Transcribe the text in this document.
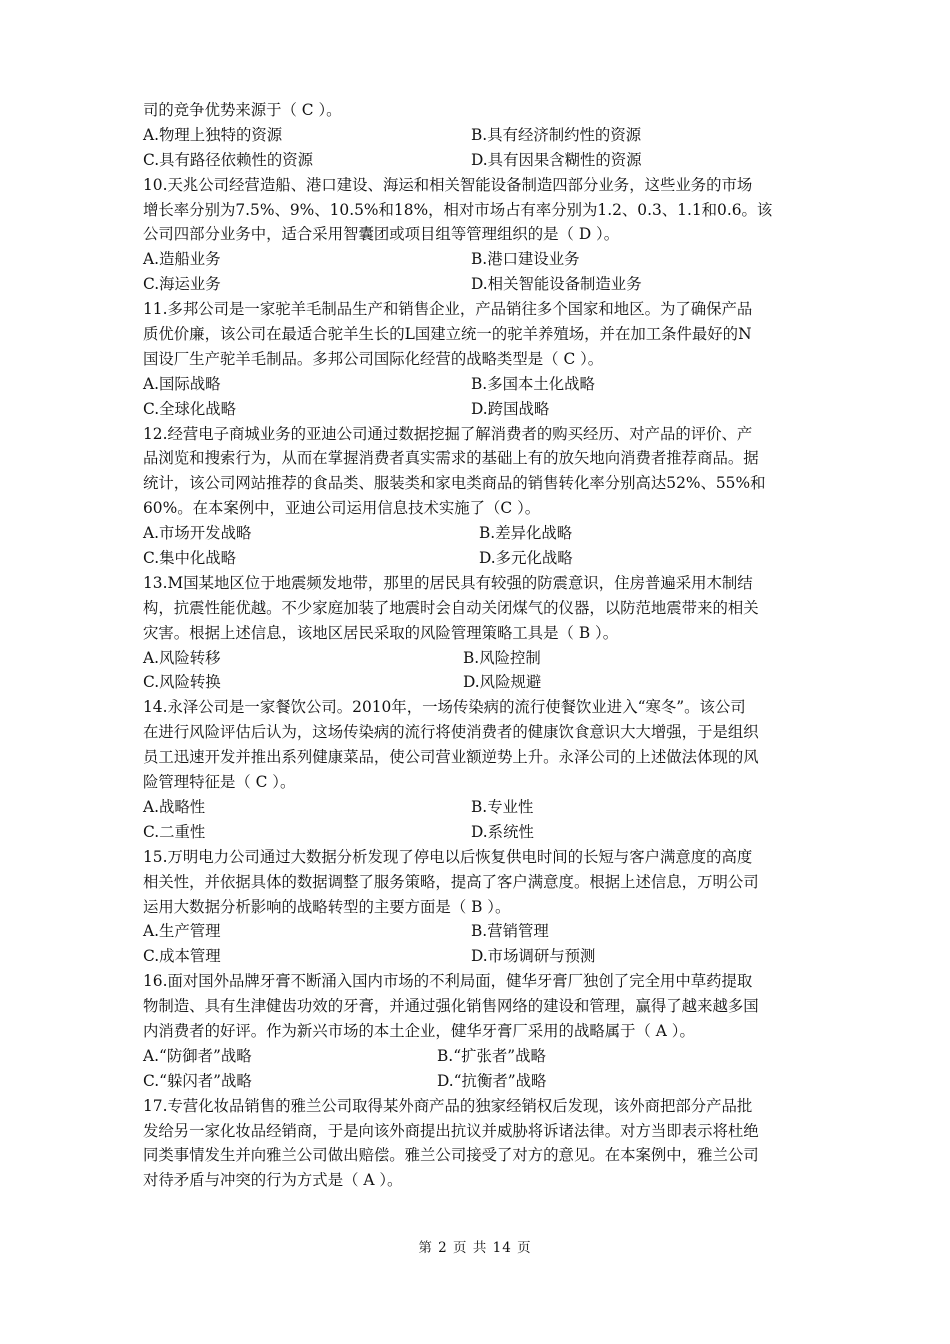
司的竞争优势来源于（ C ）。
A.物理上独特的资源	B.具有经济制约性的资源
C.具有路径依赖性的资源	D.具有因果含糊性的资源
10.天兆公司经营造船、港口建设、海运和相关智能设备制造四部分业务，这些业务的市场
增长率分别为7.5%、9%、10.5%和18%，相对市场占有率分别为1.2、0.3、1.1和0.6。该
公司四部分业务中，适合采用智囊团或项目组等管理组织的是（ D ）。
A.造船业务	B.港口建设业务
C.海运业务	D.相关智能设备制造业务
11.多邦公司是一家驼羊毛制品生产和销售企业，产品销往多个国家和地区。为了确保产品
质优价廉，该公司在最适合驼羊生长的L国建立统一的驼羊养殖场，并在加工条件最好的N
国设厂生产驼羊毛制品。多邦公司国际化经营的战略类型是（ C ）。
A.国际战略	B.多国本土化战略
C.全球化战略	D.跨国战略
12.经营电子商城业务的亚迪公司通过数据挖掘了解消费者的购买经历、对产品的评价、产
品浏览和搜索行为，从而在掌握消费者真实需求的基础上有的放矢地向消费者推荐商品。据
统计，该公司网站推荐的食品类、服装类和家电类商品的销售转化率分别高达52%、55%和
60%。在本案例中，亚迪公司运用信息技术实施了（C ）。
A.市场开发战略	B.差异化战略
C.集中化战略	D.多元化战略
13.M国某地区位于地震频发地带，那里的居民具有较强的防震意识，住房普遍采用木制结
构，抗震性能优越。不少家庭加装了地震时会自动关闭煤气的仪器，以防范地震带来的相关
灾害。根据上述信息，该地区居民采取的风险管理策略工具是（ B ）。
A.风险转移	B.风险控制
C.风险转换	D.风险规避
14.永泽公司是一家餐饮公司。2010年，一场传染病的流行使餐饮业进入“寒冬”。该公司
在进行风险评估后认为，这场传染病的流行将使消费者的健康饮食意识大大增强，于是组织
员工迅速开发并推出系列健康菜品，使公司营业额逆势上升。永泽公司的上述做法体现的风
险管理特征是（ C ）。
A.战略性	B.专业性
C.二重性	D.系统性
15.万明电力公司通过大数据分析发现了停电以后恢复供电时间的长短与客户满意度的高度
相关性，并依据具体的数据调整了服务策略，提高了客户满意度。根据上述信息，万明公司
运用大数据分析影响的战略转型的主要方面是（ B ）。
A.生产管理	B.营销管理
C.成本管理	D.市场调研与预测
16.面对国外品牌牙膏不断涌入国内市场的不利局面，健华牙膏厂独创了完全用中草药提取
物制造、具有生津健齿功效的牙膏，并通过强化销售网络的建设和管理，赢得了越来越多国
内消费者的好评。作为新兴市场的本土企业，健华牙膏厂采用的战略属于（ A ）。
A.“防御者”战略	B.“扩张者”战略
C.“躲闪者”战略	D.“抗衡者”战略
17.专营化妆品销售的雅兰公司取得某外商产品的独家经销权后发现，该外商把部分产品批
发给另一家化妆品经销商，于是向该外商提出抗议并威胁将诉诸法律。对方当即表示将杜绝
同类事情发生并向雅兰公司做出赔偿。雅兰公司接受了对方的意见。在本案例中，雅兰公司
对待矛盾与冲突的行为方式是（ A ）。
第 2 页 共 14 页
